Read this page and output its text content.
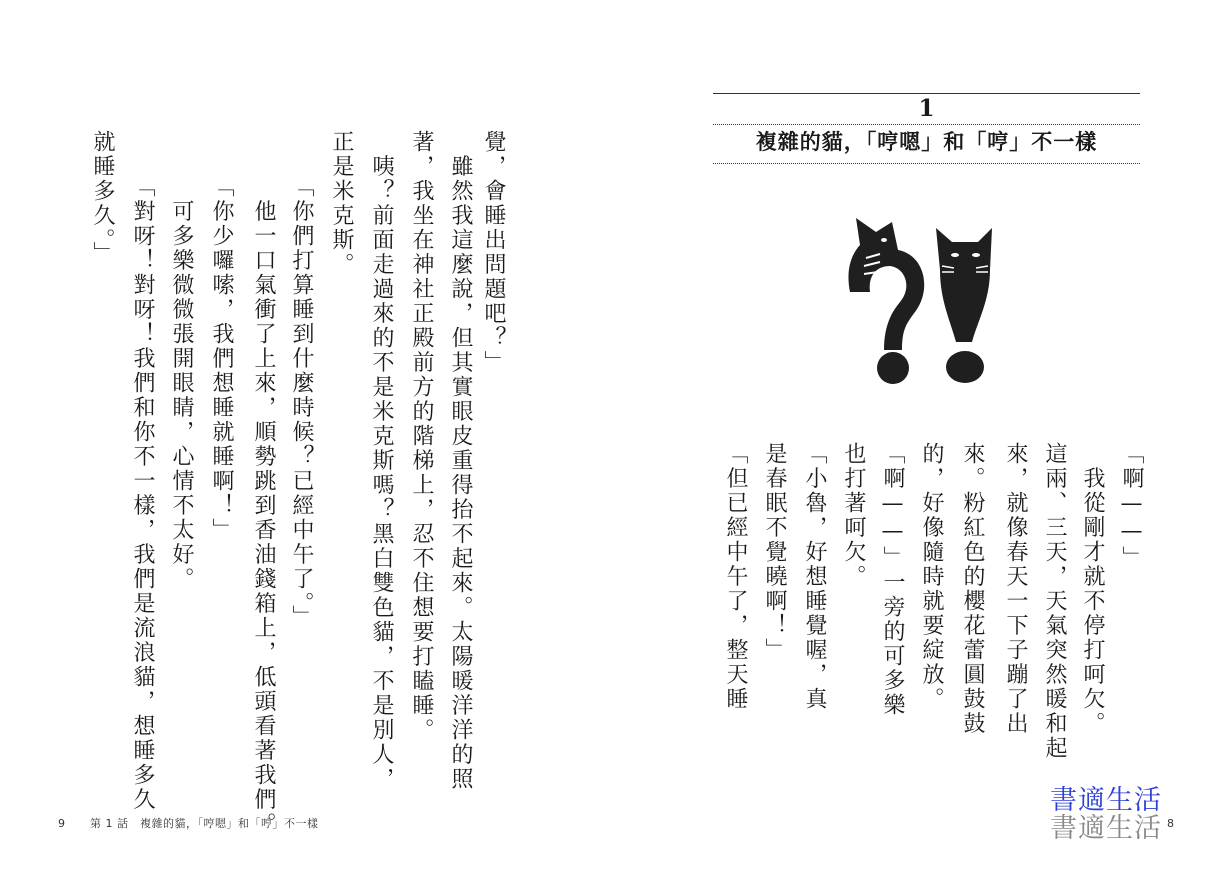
覺，會睡出問題吧？」
　雖然我這麼說，但其實眼皮重得抬不起來。太陽暖洋洋的照
著，我坐在神社正殿前方的階梯上，忍不住想要打瞌睡。
　咦？前面走過來的不是米克斯嗎？黑白雙色貓，不是別人，
正是米克斯。
「你們打算睡到什麼時候？已經中午了。」
　他一口氣衝了上來，順勢跳到香油錢箱上，低頭看著我們。
「你少囉嗦，我們想睡就睡啊！」
　可多樂微微張開眼睛，心情不太好。
「對呀！對呀！我們和你不一樣，我們是流浪貓，想睡多久
就睡多久。」
9 第 1 話　複雜的貓，「哼嗯」和「哼」不一樣
1
複雜的貓，「哼嗯」和「哼」不一樣
「啊——」
　我從剛才就不停打呵欠。
這兩、三天，天氣突然暖和起
來，就像春天一下子蹦了出
來。粉紅色的櫻花蕾圓鼓鼓
的，好像隨時就要綻放。
「啊——」一旁的可多樂
也打著呵欠。
「小魯，好想睡覺喔，真
是春眠不覺曉啊！」
「但已經中午了，整天睡
8
書適生活
書適生活
